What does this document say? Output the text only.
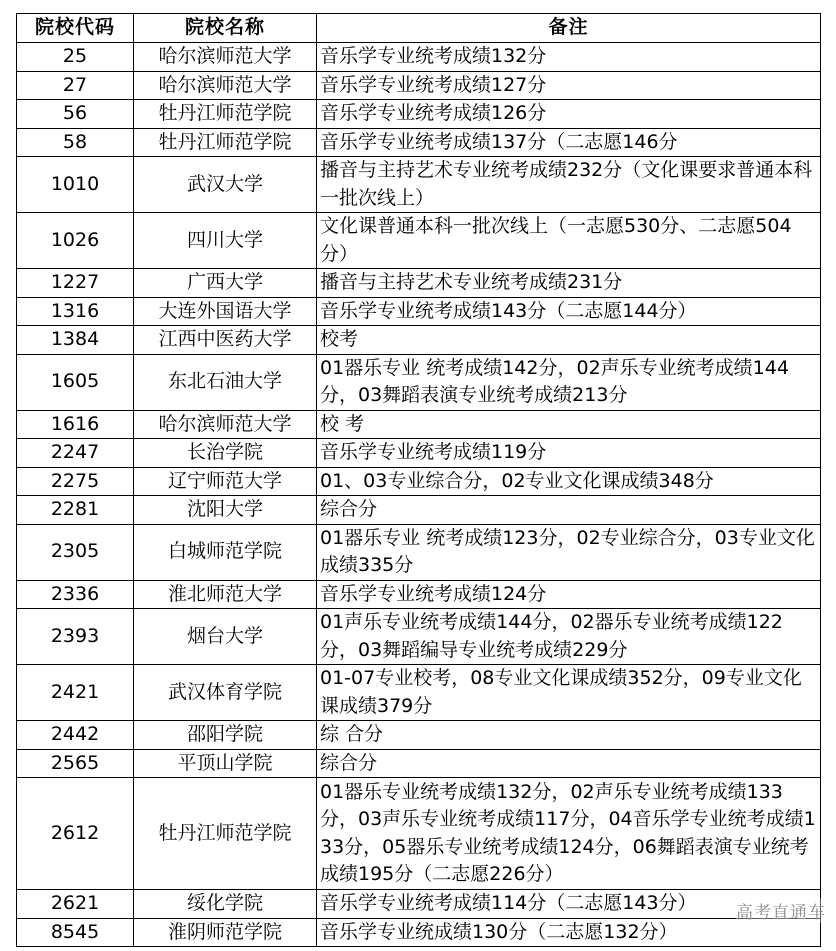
院校代码	院校名称	备注
25	哈尔滨师范大学	音乐学专业统考成绩132分
27	哈尔滨师范大学	音乐学专业统考成绩127分
56	牡丹江师范学院	音乐学专业统考成绩126分
58	牡丹江师范学院	音乐学专业统考成绩137分（二志愿146分
1010	武汉大学	播音与主持艺术专业统考成绩232分（文化课要求普通本科一批次线上）
1026	四川大学	文化课普通本科一批次线上（一志愿530分、二志愿504分）
1227	广西大学	播音与主持艺术专业统考成绩231分
1316	大连外国语大学	音乐学专业统考成绩143分（二志愿144分）
1384	江西中医药大学	校考
1605	东北石油大学	01器乐专业 统考成绩142分，02声乐专业统考成绩144分，03舞蹈表演专业统考成绩213分
1616	哈尔滨师范大学	校 考
2247	长治学院	音乐学专业统考成绩119分
2275	辽宁师范大学	01、03专业综合分，02专业文化课成绩348分
2281	沈阳大学	综合分
2305	白城师范学院	01器乐专业 统考成绩123分，02专业综合分，03专业文化成绩335分
2336	淮北师范大学	音乐学专业统考成绩124分
2393	烟台大学	01声乐专业统考成绩144分，02器乐专业统考成绩122分，03舞蹈编导专业统考成绩229分
2421	武汉体育学院	01-07专业校考，08专业文化课成绩352分，09专业文化课成绩379分
2442	邵阳学院	综 合分
2565	平顶山学院	综合分
2612	牡丹江师范学院	01器乐专业统考成绩132分，02声乐专业统考成绩133分，03声乐专业统考成绩117分，04音乐学专业统考成绩133分，05器乐专业统考成绩124分，06舞蹈表演专业统考成绩195分（二志愿226分）
2621	绥化学院	音乐学专业统考成绩114分（二志愿143分）
8545	淮阴师范学院	音乐学专业统成绩130分（二志愿132分）
高考直通车
